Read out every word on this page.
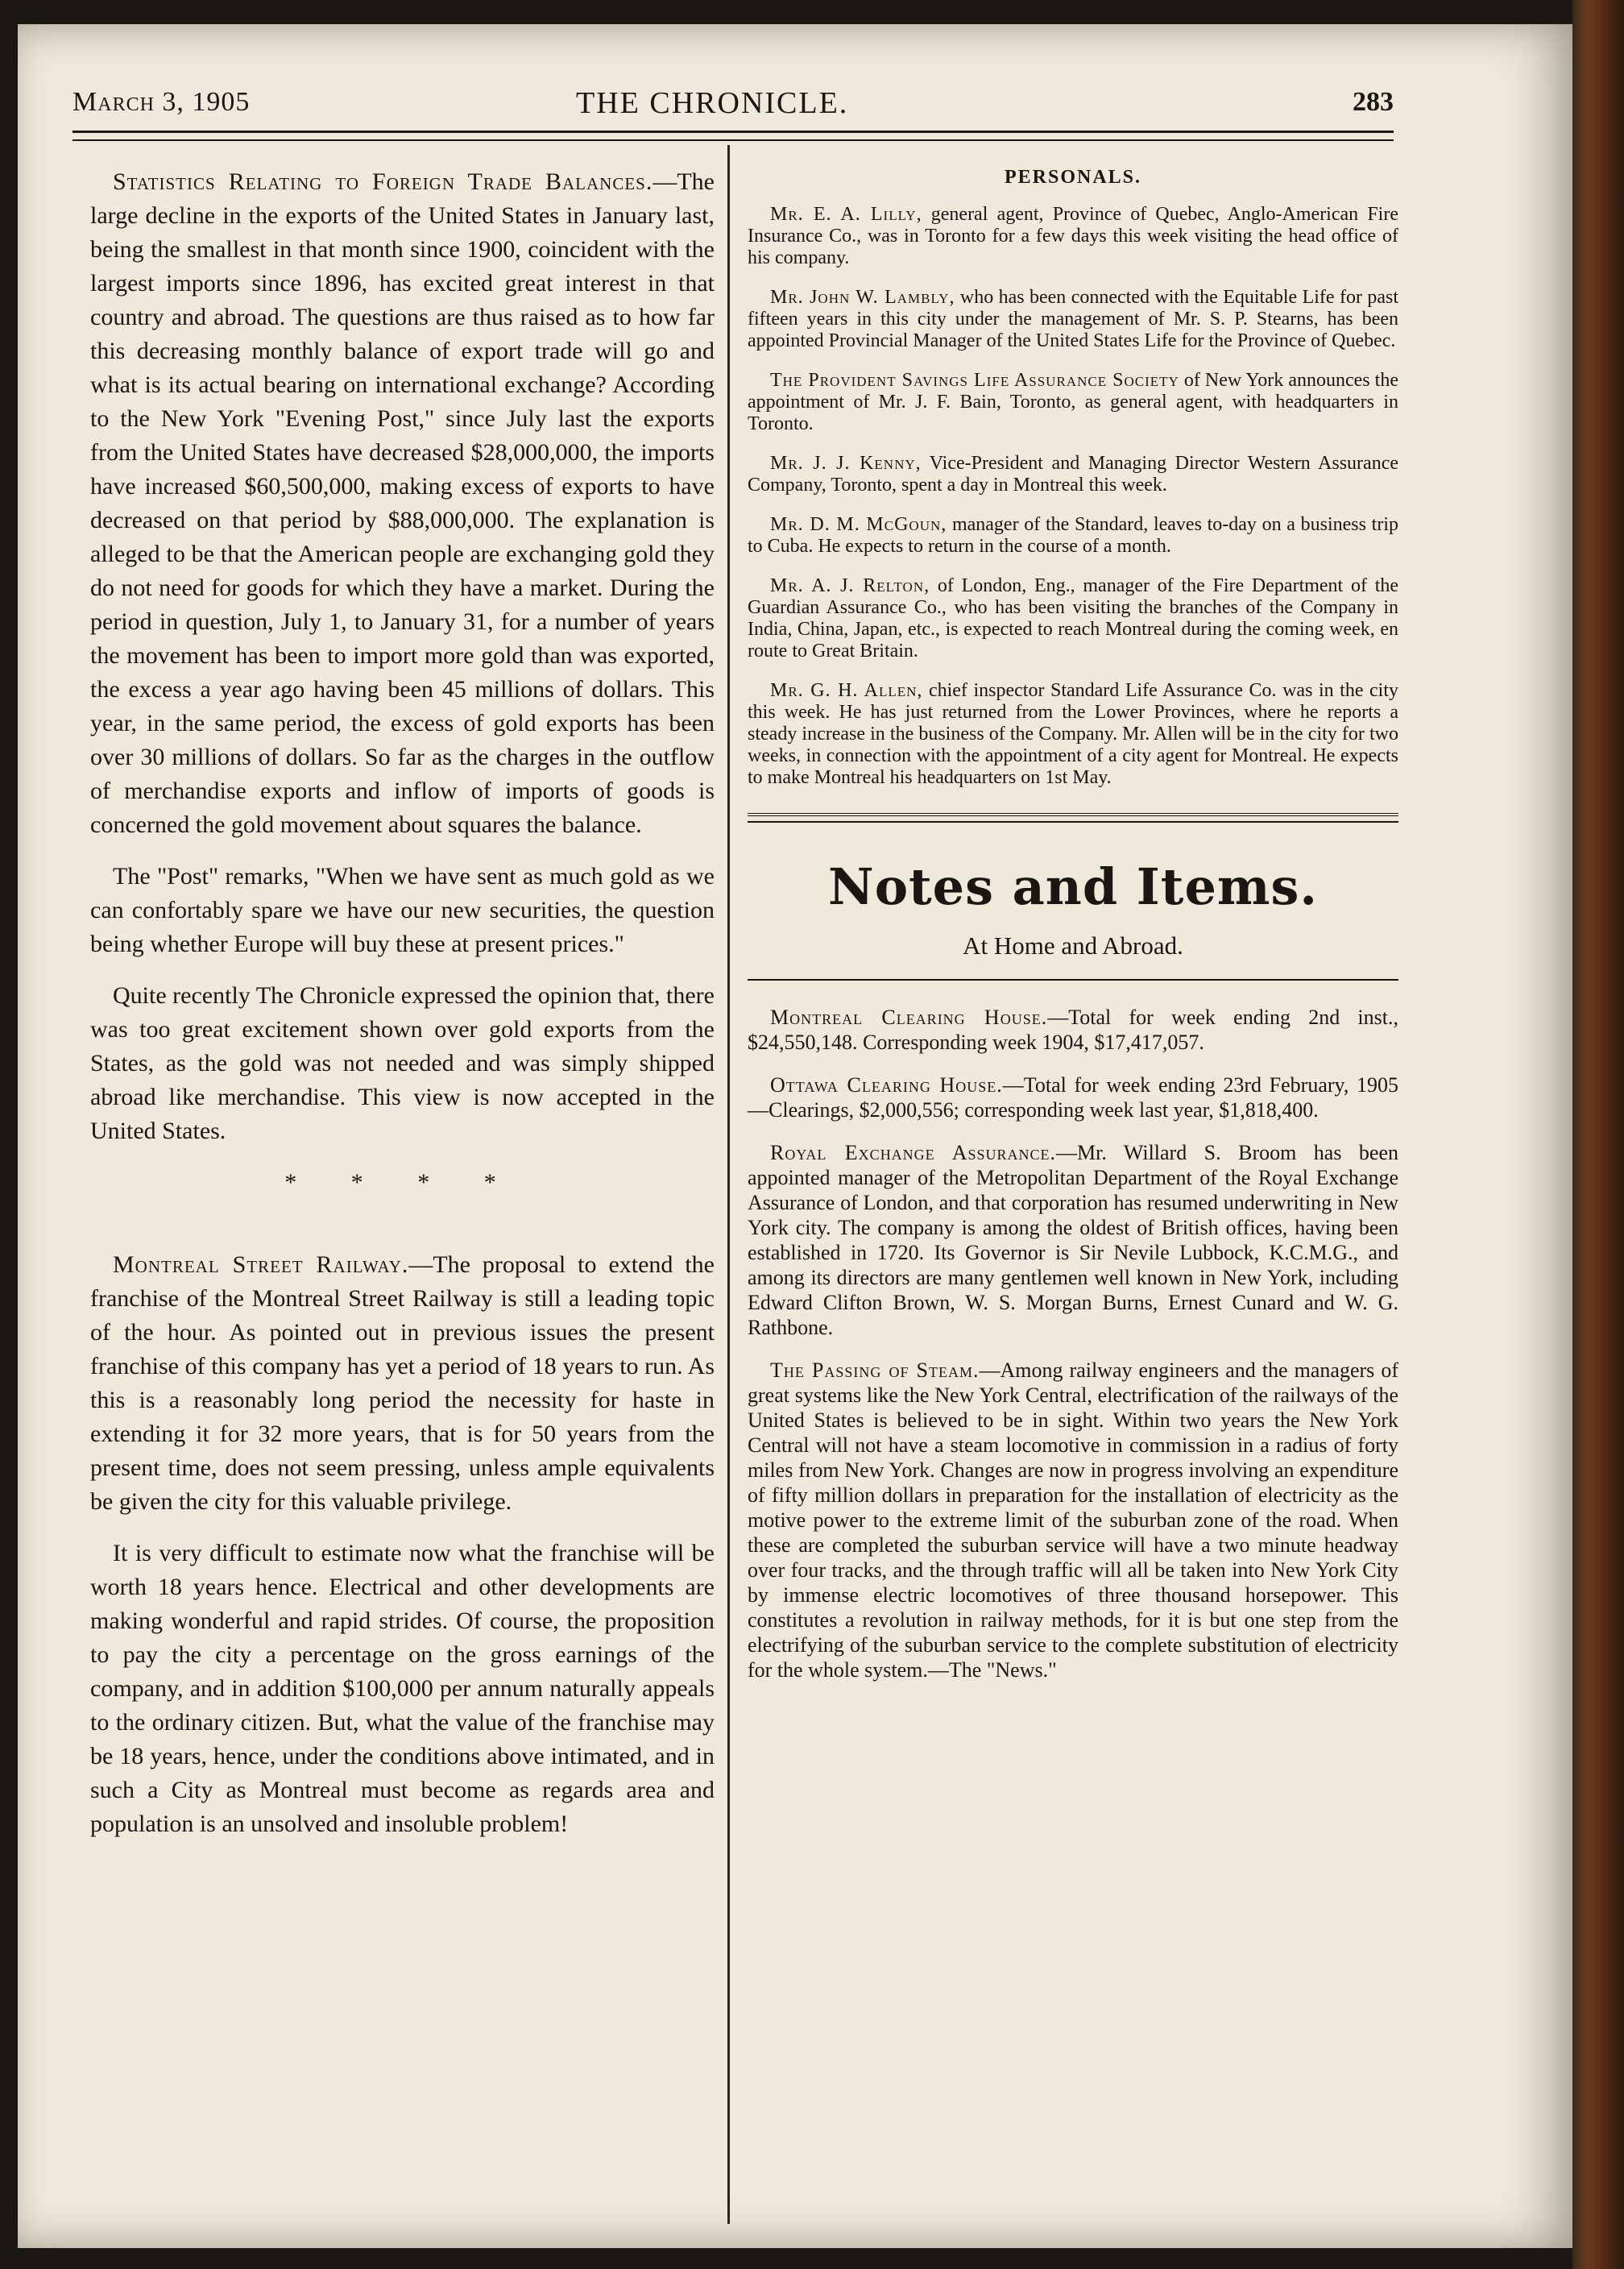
March 3, 1905	THE CHRONICLE.	283

Statistics Relating to Foreign Trade Balances.—The large decline in the exports of the United States in January last, being the smallest in that month since 1900, coincident with the largest imports since 1896, has excited great interest in that country and abroad. The questions are thus raised as to how far this decreasing monthly balance of export trade will go and what is its actual bearing on international exchange? According to the New York "Evening Post," since July last the exports from the United States have decreased $28,000,000, the imports have increased $60,500,000, making excess of exports to have decreased on that period by $88,000,000. The explanation is alleged to be that the American people are exchanging gold they do not need for goods for which they have a market. During the period in question, July 1, to January 31, for a number of years the movement has been to import more gold than was exported, the excess a year ago having been 45 millions of dollars. This year, in the same period, the excess of gold exports has been over 30 millions of dollars. So far as the charges in the outflow of merchandise exports and inflow of imports of goods is concerned the gold movement about squares the balance.

The "Post" remarks, "When we have sent as much gold as we can confortably spare we have our new securities, the question being whether Europe will buy these at present prices."

Quite recently The Chronicle expressed the opinion that, there was too great excitement shown over gold exports from the States, as the gold was not needed and was simply shipped abroad like merchandise. This view is now accepted in the United States.

* * * *

Montreal Street Railway.—The proposal to extend the franchise of the Montreal Street Railway is still a leading topic of the hour. As pointed out in previous issues the present franchise of this company has yet a period of 18 years to run. As this is a reasonably long period the necessity for haste in extending it for 32 more years, that is for 50 years from the present time, does not seem pressing, unless ample equivalents be given the city for this valuable privilege.

It is very difficult to estimate now what the franchise will be worth 18 years hence. Electrical and other developments are making wonderful and rapid strides. Of course, the proposition to pay the city a percentage on the gross earnings of the company, and in addition $100,000 per annum naturally appeals to the ordinary citizen. But, what the value of the franchise may be 18 years, hence, under the conditions above intimated, and in such a City as Montreal must become as regards area and population is an unsolved and insoluble problem!

PERSONALS.

Mr. E. A. Lilly, general agent, Province of Quebec, Anglo-American Fire Insurance Co., was in Toronto for a few days this week visiting the head office of his company.

Mr. John W. Lambly, who has been connected with the Equitable Life for past fifteen years in this city under the management of Mr. S. P. Stearns, has been appointed Provincial Manager of the United States Life for the Province of Quebec.

The Provident Savings Life Assurance Society of New York announces the appointment of Mr. J. F. Bain, Toronto, as general agent, with headquarters in Toronto.

Mr. J. J. Kenny, Vice-President and Managing Director Western Assurance Company, Toronto, spent a day in Montreal this week.

Mr. D. M. McGoun, manager of the Standard, leaves to-day on a business trip to Cuba. He expects to return in the course of a month.

Mr. A. J. Relton, of London, Eng., manager of the Fire Department of the Guardian Assurance Co., who has been visiting the branches of the Company in India, China, Japan, etc., is expected to reach Montreal during the coming week, en route to Great Britain.

Mr. G. H. Allen, chief inspector Standard Life Assurance Co. was in the city this week. He has just returned from the Lower Provinces, where he reports a steady increase in the business of the Company. Mr. Allen will be in the city for two weeks, in connection with the appointment of a city agent for Montreal. He expects to make Montreal his headquarters on 1st May.

Notes and Items.
At Home and Abroad.

Montreal Clearing House.—Total for week ending 2nd inst., $24,550,148. Corresponding week 1904, $17,417,057.

Ottawa Clearing House.—Total for week ending 23rd February, 1905—Clearings, $2,000,556; corresponding week last year, $1,818,400.

Royal Exchange Assurance.—Mr. Willard S. Broom has been appointed manager of the Metropolitan Department of the Royal Exchange Assurance of London, and that corporation has resumed underwriting in New York city. The company is among the oldest of British offices, having been established in 1720. Its Governor is Sir Nevile Lubbock, K.C.M.G., and among its directors are many gentlemen well known in New York, including Edward Clifton Brown, W. S. Morgan Burns, Ernest Cunard and W. G. Rathbone.

The Passing of Steam.—Among railway engineers and the managers of great systems like the New York Central, electrification of the railways of the United States is believed to be in sight. Within two years the New York Central will not have a steam locomotive in commission in a radius of forty miles from New York. Changes are now in progress involving an expenditure of fifty million dollars in preparation for the installation of electricity as the motive power to the extreme limit of the suburban zone of the road. When these are completed the suburban service will have a two minute headway over four tracks, and the through traffic will all be taken into New York City by immense electric locomotives of three thousand horsepower. This constitutes a revolution in railway methods, for it is but one step from the electrifying of the suburban service to the complete substitution of electricity for the whole system.—The "News."
